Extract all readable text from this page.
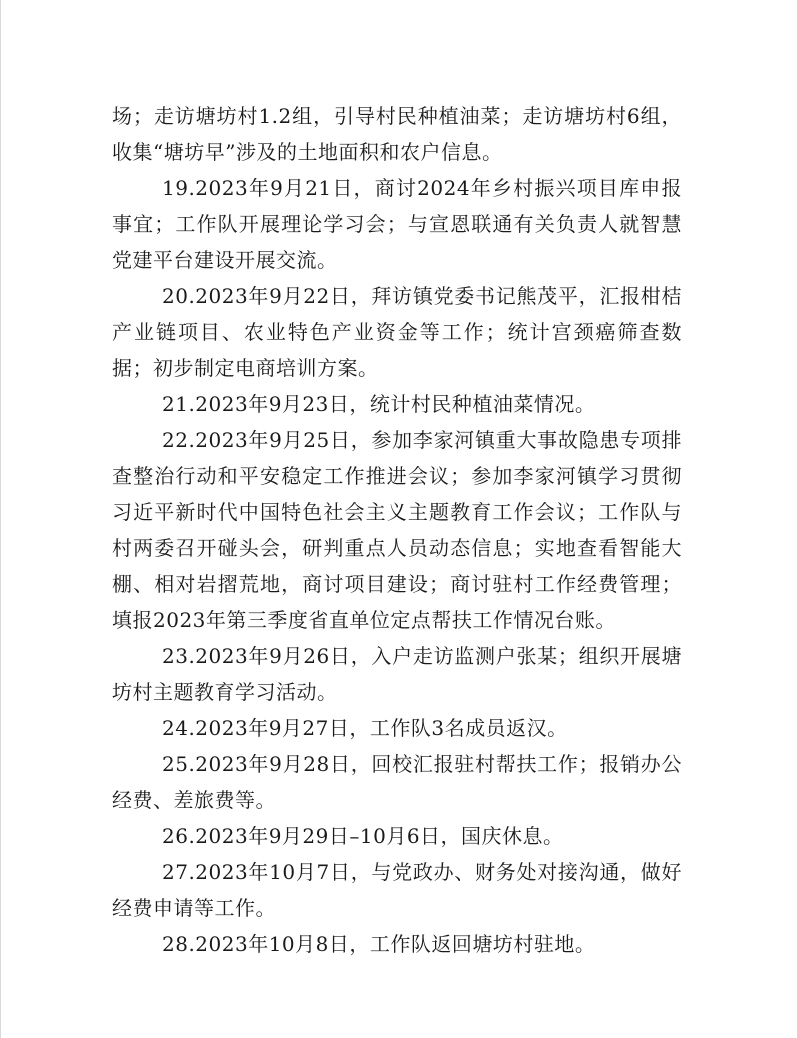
场；走访塘坊村1.2组，引导村民种植油菜；走访塘坊村6组，收集“塘坊早”涉及的土地面积和农户信息。

19.2023年9月21日，商讨2024年乡村振兴项目库申报事宜；工作队开展理论学习会；与宣恩联通有关负责人就智慧党建平台建设开展交流。

20.2023年9月22日，拜访镇党委书记熊茂平，汇报柑桔产业链项目、农业特色产业资金等工作；统计宫颈癌筛查数据；初步制定电商培训方案。

21.2023年9月23日，统计村民种植油菜情况。

22.2023年9月25日，参加李家河镇重大事故隐患专项排查整治行动和平安稳定工作推进会议；参加李家河镇学习贯彻习近平新时代中国特色社会主义主题教育工作会议；工作队与村两委召开碰头会，研判重点人员动态信息；实地查看智能大棚、相对岩摺荒地，商讨项目建设；商讨驻村工作经费管理；填报2023年第三季度省直单位定点帮扶工作情况台账。

23.2023年9月26日，入户走访监测户张某；组织开展塘坊村主题教育学习活动。

24.2023年9月27日，工作队3名成员返汉。

25.2023年9月28日，回校汇报驻村帮扶工作；报销办公经费、差旅费等。

26.2023年9月29日–10月6日，国庆休息。

27.2023年10月7日，与党政办、财务处对接沟通，做好经费申请等工作。

28.2023年10月8日，工作队返回塘坊村驻地。
